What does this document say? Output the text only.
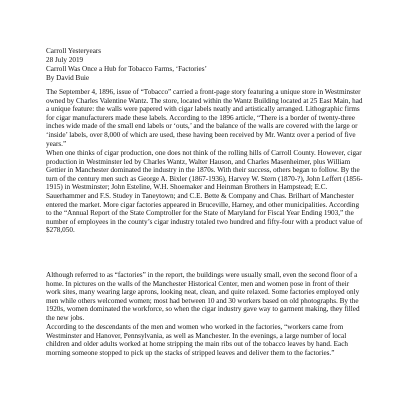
Carroll Yesteryears
28 July 2019
Carroll Was Once a Hub for Tobacco Farms, ‘Factories’
By David Buie

The September 4, 1896, issue of “Tobacco” carried a front-page story featuring a unique store in Westminster owned by Charles Valentine Wantz. The store, located within the Wantz Building located at 25 East Main, had a unique feature: the walls were papered with cigar labels neatly and artistically arranged. Lithographic firms for cigar manufacturers made these labels. According to the 1896 article, “There is a border of twenty-three inches wide made of the small end labels or ‘outs,’ and the balance of the walls are covered with the large or ‘inside’ labels, over 8,000 of which are used, these having been received by Mr. Wantz over a period of five years.”

When one thinks of cigar production, one does not think of the rolling hills of Carroll County. However, cigar production in Westminster led by Charles Wantz, Walter Hauson, and Charles Masenheimer, plus William Gettier in Manchester dominated the industry in the 1870s. With their success, others began to follow. By the turn of the century men such as George A. Bixler (1867-1936), Harvey W. Stern (1870-?), John Leffert (1856-1915) in Westminster; John Esteline, W.H. Shoemaker and Heinman Brothers in Hampstead; E.C. Sauerhammer and F.S. Studey in Taneytown; and C.E. Bette & Company and Chas. Brilhart of Manchester entered the market. More cigar factories appeared in Bruceville, Harney, and other municipalities. According to the “Annual Report of the State Comptroller for the State of Maryland for Fiscal Year Ending 1903,” the number of employees in the county’s cigar industry totaled two hundred and fifty-four with a product value of $278,050.

Although referred to as “factories” in the report, the buildings were usually small, even the second floor of a home. In pictures on the walls of the Manchester Historical Center, men and women pose in front of their work sites, many wearing large aprons, looking neat, clean, and quite relaxed. Some factories employed only men while others welcomed women; most had between 10 and 30 workers based on old photographs. By the 1920s, women dominated the workforce, so when the cigar industry gave way to garment making, they filled the new jobs.

According to the descendants of the men and women who worked in the factories, “workers came from Westminster and Hanover, Pennsylvania, as well as Manchester. In the evenings, a large number of local children and older adults worked at home stripping the main ribs out of the tobacco leaves by hand. Each morning someone stopped to pick up the stacks of stripped leaves and deliver them to the factories.”
